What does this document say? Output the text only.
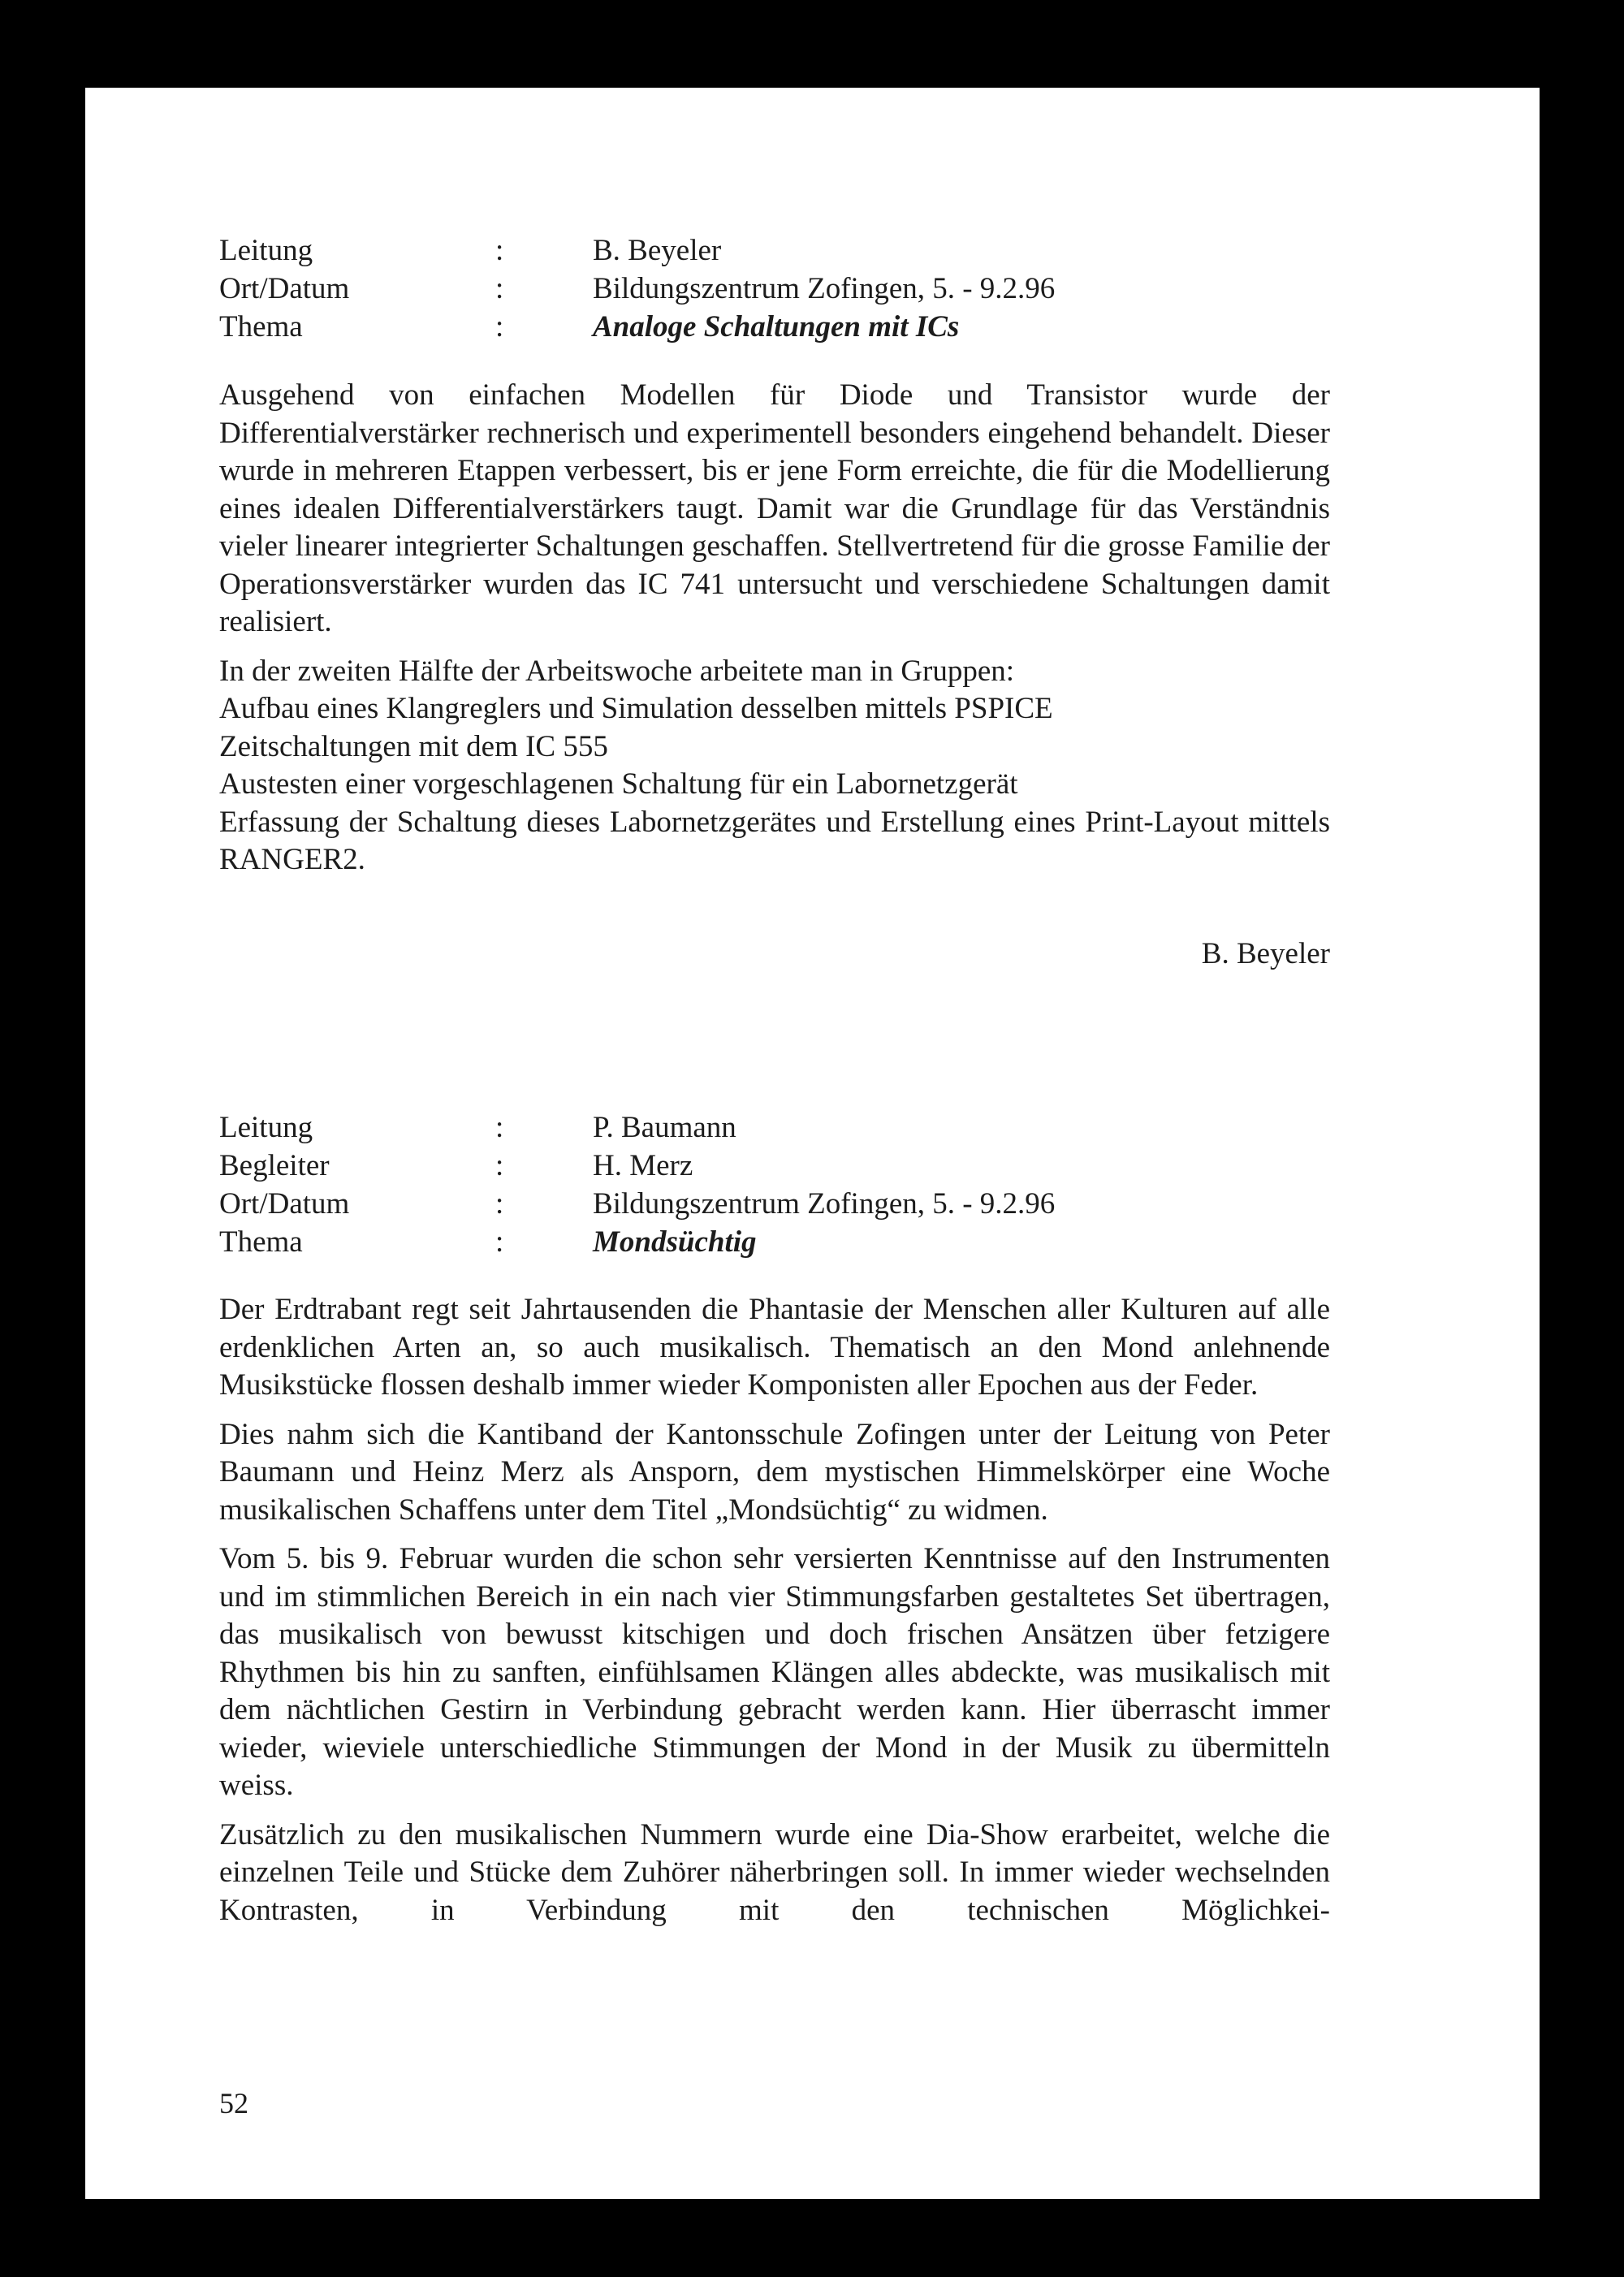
Leitung	:	B. Beyeler
Ort/Datum	:	Bildungszentrum Zofingen, 5. - 9.2.96
Thema	:	Analoge Schaltungen mit ICs

Ausgehend von einfachen Modellen für Diode und Transistor wurde der Differentialverstärker rechnerisch und experimentell besonders eingehend behandelt. Dieser wurde in mehreren Etappen verbessert, bis er jene Form erreichte, die für die Modellierung eines idealen Differentialverstärkers taugt. Damit war die Grundlage für das Verständnis vieler linearer integrierter Schaltungen geschaffen. Stellvertretend für die grosse Familie der Operationsverstärker wurden das IC 741 untersucht und verschiedene Schaltungen damit realisiert.

In der zweiten Hälfte der Arbeitswoche arbeitete man in Gruppen:
Aufbau eines Klangreglers und Simulation desselben mittels PSPICE
Zeitschaltungen mit dem IC 555
Austesten einer vorgeschlagenen Schaltung für ein Labornetzgerät
Erfassung der Schaltung dieses Labornetzgerätes und Erstellung eines Print-Layout mittels RANGER2.
B. Beyeler
Leitung	:	P. Baumann
Begleiter	:	H. Merz
Ort/Datum	:	Bildungszentrum Zofingen, 5. - 9.2.96
Thema	:	Mondsüchtig

Der Erdtrabant regt seit Jahrtausenden die Phantasie der Menschen aller Kulturen auf alle erdenklichen Arten an, so auch musikalisch. Thematisch an den Mond anlehnende Musikstücke flossen deshalb immer wieder Komponisten aller Epochen aus der Feder.

Dies nahm sich die Kantiband der Kantonsschule Zofingen unter der Leitung von Peter Baumann und Heinz Merz als Ansporn, dem mystischen Himmelskörper eine Woche musikalischen Schaffens unter dem Titel „Mondsüchtig“ zu widmen.

Vom 5. bis 9. Februar wurden die schon sehr versierten Kenntnisse auf den Instrumenten und im stimmlichen Bereich in ein nach vier Stimmungsfarben gestaltetes Set übertragen, das musikalisch von bewusst kitschigen und doch frischen Ansätzen über fetzigere Rhythmen bis hin zu sanften, einfühlsamen Klängen alles abdeckte, was musikalisch mit dem nächtlichen Gestirn in Verbindung gebracht werden kann. Hier überrascht immer wieder, wieviele unterschiedliche Stimmungen der Mond in der Musik zu übermitteln weiss.

Zusätzlich zu den musikalischen Nummern wurde eine Dia-Show erarbeitet, welche die einzelnen Teile und Stücke dem Zuhörer näherbringen soll. In immer wieder wechselnden Kontrasten, in Verbindung mit den technischen Möglichkei-

52
